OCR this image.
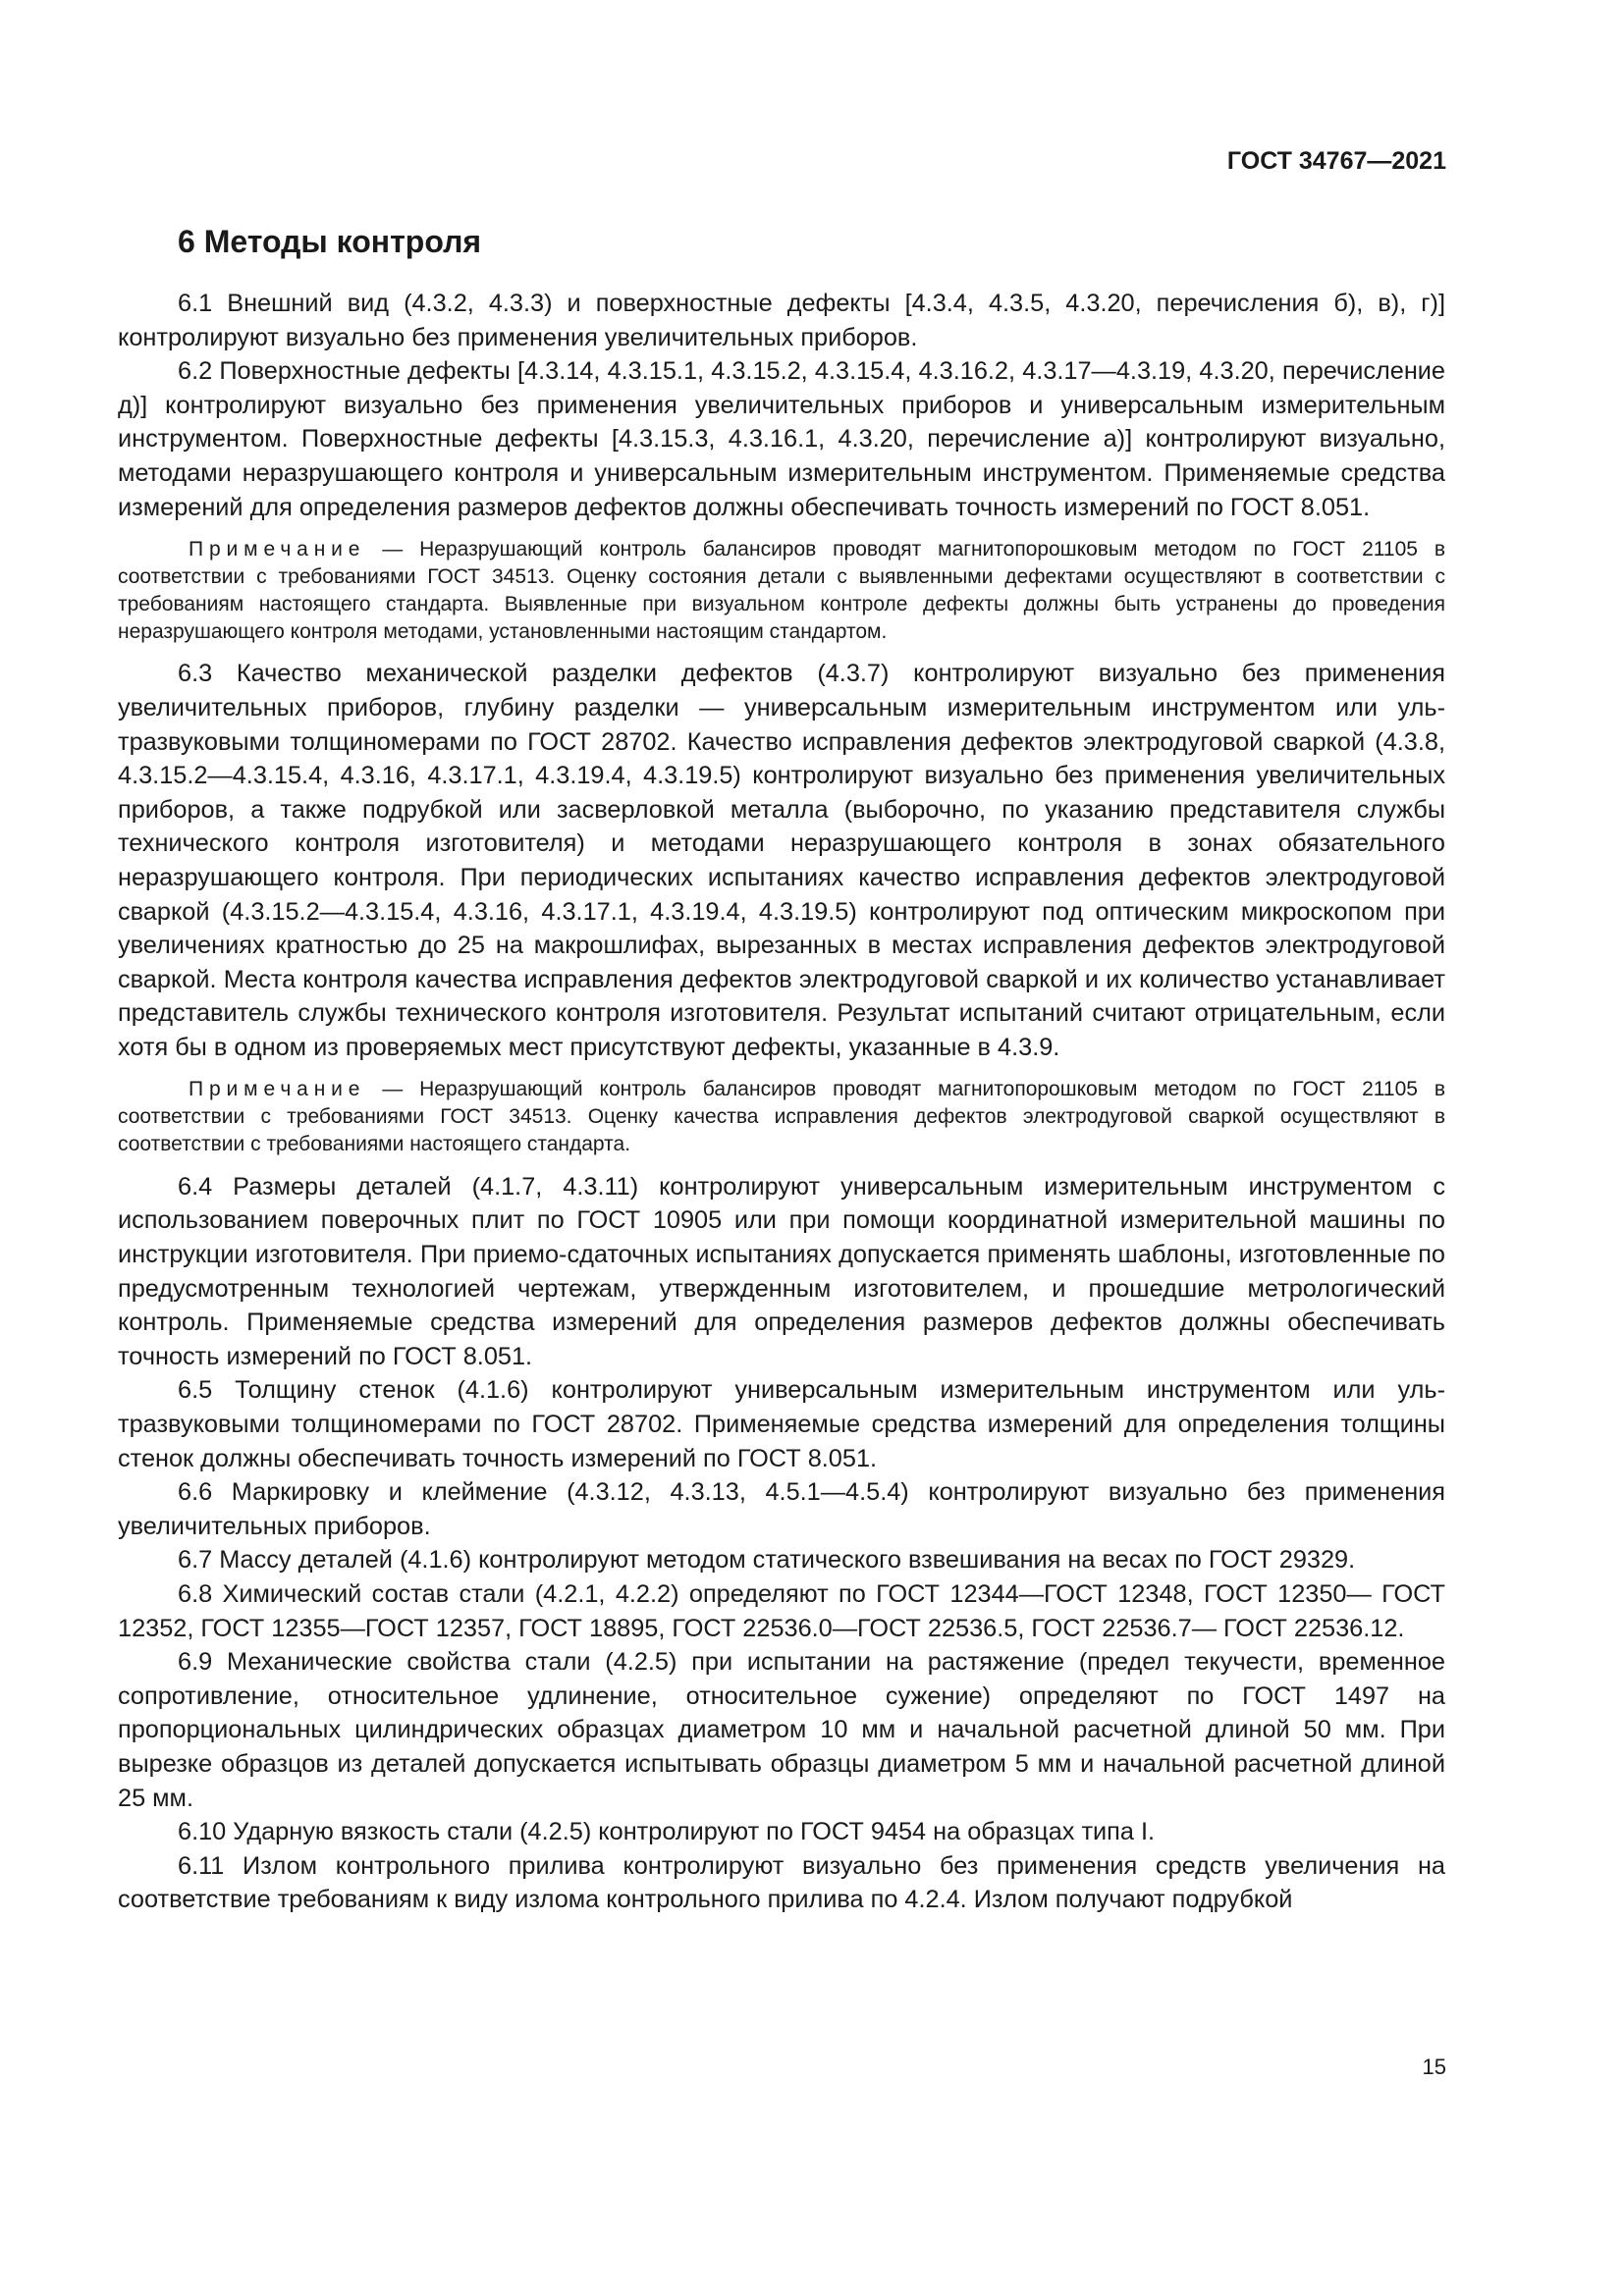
ГОСТ 34767—2021
6 Методы контроля

6.1 Внешний вид (4.3.2, 4.3.3) и поверхностные дефекты [4.3.4, 4.3.5, 4.3.20, перечисления б), в), г)] контролируют визуально без применения увеличительных приборов.

6.2 Поверхностные дефекты [4.3.14, 4.3.15.1, 4.3.15.2, 4.3.15.4, 4.3.16.2, 4.3.17—4.3.19, 4.3.20, перечисление д)] контролируют визуально без применения увеличительных приборов и универсальным измерительным инструментом. Поверхностные дефекты [4.3.15.3, 4.3.16.1, 4.3.20, перечисление а)] контролируют визуально, методами неразрушающего контроля и универсальным измерительным инструментом. Применяемые средства измерений для определения размеров дефектов должны обеспечивать точность измерений по ГОСТ 8.051.

Примечание — Неразрушающий контроль балансиров проводят магнитопорошковым методом по ГОСТ 21105 в соответствии с требованиями ГОСТ 34513. Оценку состояния детали с выявленными дефектами осуществляют в соответствии с требованиям настоящего стандарта. Выявленные при визуальном контроле дефекты должны быть устранены до проведения неразрушающего контроля методами, установленными настоящим стандартом.

6.3 Качество механической разделки дефектов (4.3.7) контролируют визуально без применения увеличительных приборов, глубину разделки — универсальным измерительным инструментом или ультразвуковыми толщиномерами по ГОСТ 28702. Качество исправления дефектов электродуговой сваркой (4.3.8, 4.3.15.2—4.3.15.4, 4.3.16, 4.3.17.1, 4.3.19.4, 4.3.19.5) контролируют визуально без применения увеличительных приборов, а также подрубкой или засверловкой металла (выборочно, по указанию представителя службы технического контроля изготовителя) и методами неразрушающего контроля в зонах обязательного неразрушающего контроля. При периодических испытаниях качество исправления дефектов электродуговой сваркой (4.3.15.2—4.3.15.4, 4.3.16, 4.3.17.1, 4.3.19.4, 4.3.19.5) контролируют под оптическим микроскопом при увеличениях кратностью до 25 на макрошлифах, вырезанных в местах исправления дефектов электродуговой сваркой. Места контроля качества исправления дефектов электродуговой сваркой и их количество устанавливает представитель службы технического контроля изготовителя. Результат испытаний считают отрицательным, если хотя бы в одном из проверяемых мест присутствуют дефекты, указанные в 4.3.9.

Примечание — Неразрушающий контроль балансиров проводят магнитопорошковым методом по ГОСТ 21105 в соответствии с требованиями ГОСТ 34513. Оценку качества исправления дефектов электродуговой сваркой осуществляют в соответствии с требованиями настоящего стандарта.

6.4 Размеры деталей (4.1.7, 4.3.11) контролируют универсальным измерительным инструментом с использованием поверочных плит по ГОСТ 10905 или при помощи координатной измерительной машины по инструкции изготовителя. При приемо-сдаточных испытаниях допускается применять шаблоны, изготовленные по предусмотренным технологией чертежам, утвержденным изготовителем, и прошедшие метрологический контроль. Применяемые средства измерений для определения размеров дефектов должны обеспечивать точность измерений по ГОСТ 8.051.

6.5 Толщину стенок (4.1.6) контролируют универсальным измерительным инструментом или ультразвуковыми толщиномерами по ГОСТ 28702. Применяемые средства измерений для определения толщины стенок должны обеспечивать точность измерений по ГОСТ 8.051.

6.6 Маркировку и клеймение (4.3.12, 4.3.13, 4.5.1—4.5.4) контролируют визуально без применения увеличительных приборов.

6.7 Массу деталей (4.1.6) контролируют методом статического взвешивания на весах по ГОСТ 29329.

6.8 Химический состав стали (4.2.1, 4.2.2) определяют по ГОСТ 12344—ГОСТ 12348, ГОСТ 12350— ГОСТ 12352, ГОСТ 12355—ГОСТ 12357, ГОСТ 18895, ГОСТ 22536.0—ГОСТ 22536.5, ГОСТ 22536.7— ГОСТ 22536.12.

6.9 Механические свойства стали (4.2.5) при испытании на растяжение (предел текучести, временное сопротивление, относительное удлинение, относительное сужение) определяют по ГОСТ 1497 на пропорциональных цилиндрических образцах диаметром 10 мм и начальной расчетной длиной 50 мм. При вырезке образцов из деталей допускается испытывать образцы диаметром 5 мм и начальной расчетной длиной 25 мм.

6.10 Ударную вязкость стали (4.2.5) контролируют по ГОСТ 9454 на образцах типа I.

6.11 Излом контрольного прилива контролируют визуально без применения средств увеличения на соответствие требованиям к виду излома контрольного прилива по 4.2.4. Излом получают подрубкой

15
